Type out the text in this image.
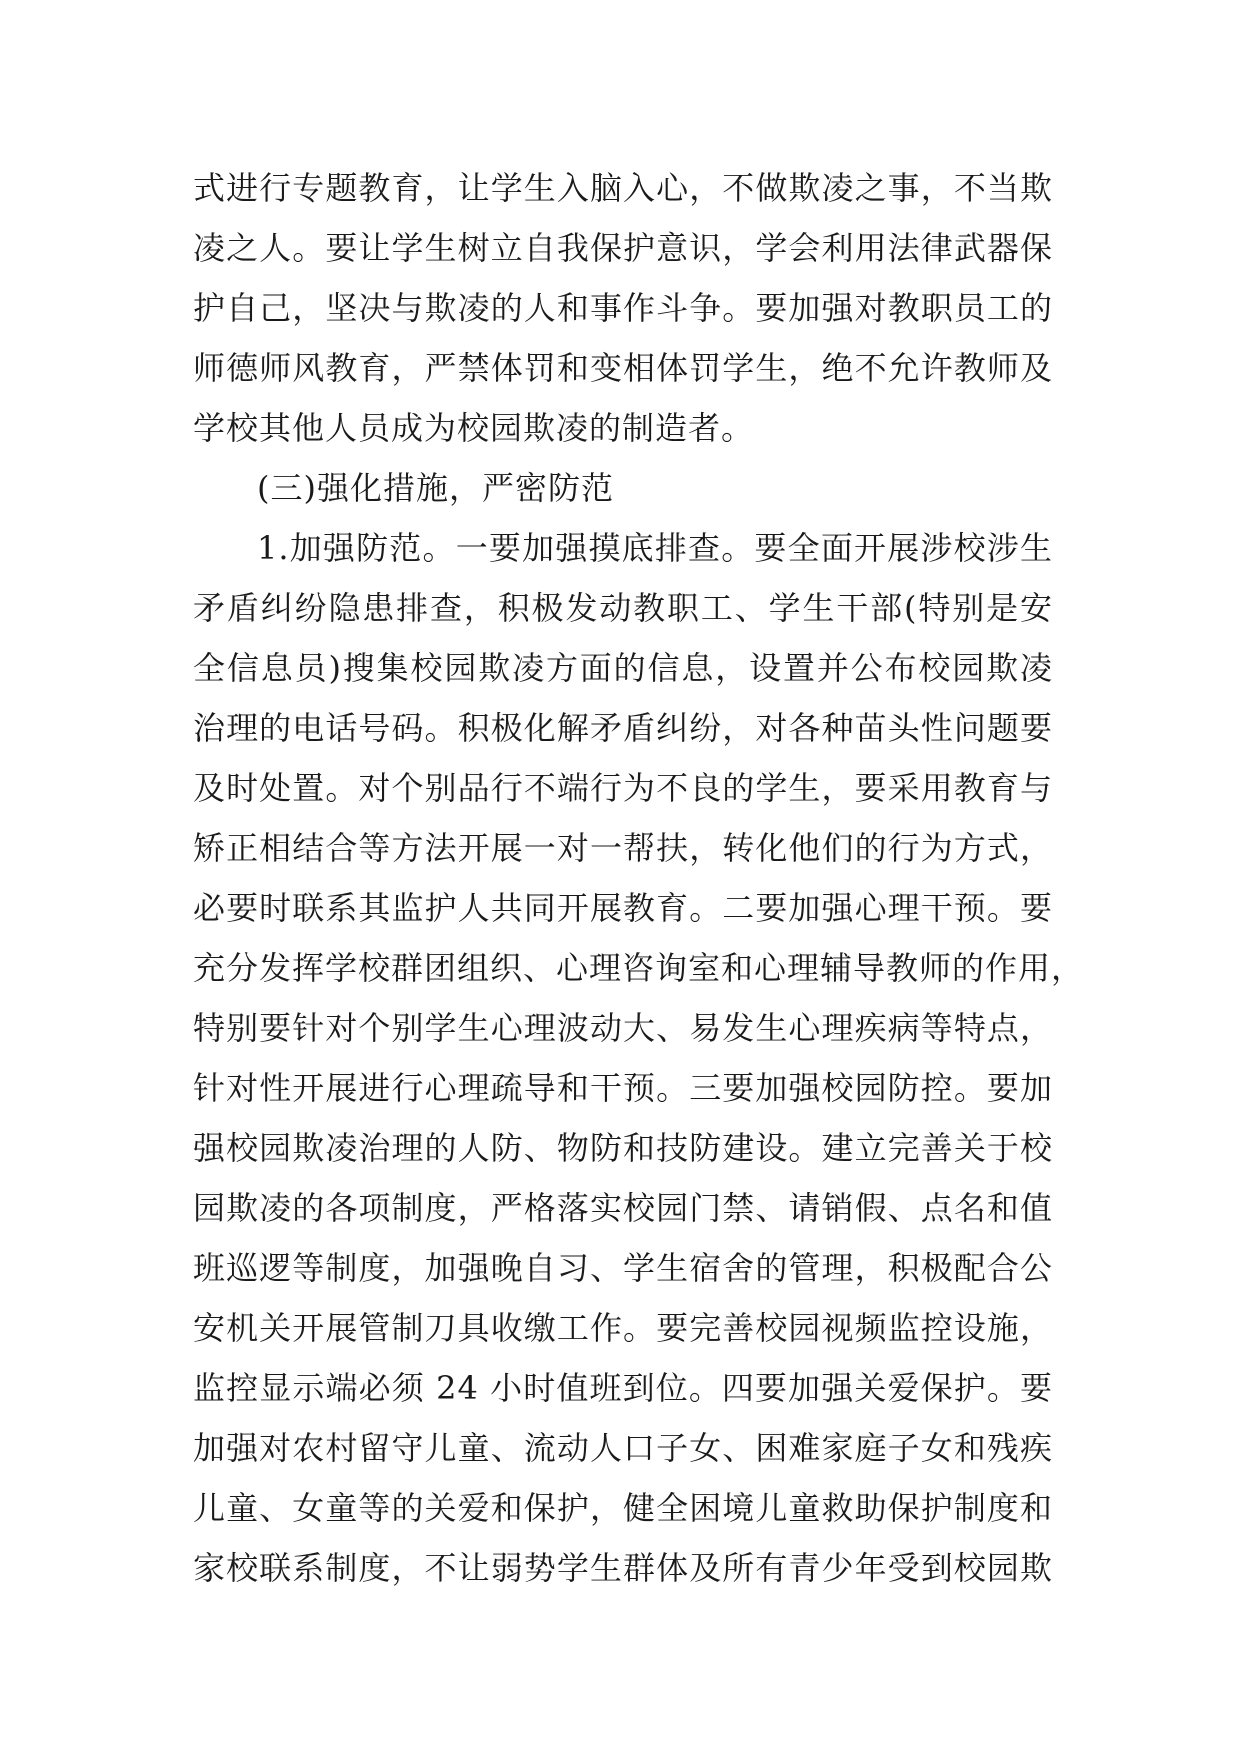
式进行专题教育，让学生入脑入心，不做欺凌之事，不当欺
凌之人。要让学生树立自我保护意识，学会利用法律武器保
护自己，坚决与欺凌的人和事作斗争。要加强对教职员工的
师德师风教育，严禁体罚和变相体罚学生，绝不允许教师及
学校其他人员成为校园欺凌的制造者。
(三)强化措施，严密防范
1.加强防范。一要加强摸底排查。要全面开展涉校涉生
矛盾纠纷隐患排查，积极发动教职工、学生干部(特别是安
全信息员)搜集校园欺凌方面的信息，设置并公布校园欺凌
治理的电话号码。积极化解矛盾纠纷，对各种苗头性问题要
及时处置。对个别品行不端行为不良的学生，要采用教育与
矫正相结合等方法开展一对一帮扶，转化他们的行为方式，
必要时联系其监护人共同开展教育。二要加强心理干预。要
充分发挥学校群团组织、心理咨询室和心理辅导教师的作用，
特别要针对个别学生心理波动大、易发生心理疾病等特点，
针对性开展进行心理疏导和干预。三要加强校园防控。要加
强校园欺凌治理的人防、物防和技防建设。建立完善关于校
园欺凌的各项制度，严格落实校园门禁、请销假、点名和值
班巡逻等制度，加强晚自习、学生宿舍的管理，积极配合公
安机关开展管制刀具收缴工作。要完善校园视频监控设施，
监控显示端必须 24 小时值班到位。四要加强关爱保护。要
加强对农村留守儿童、流动人口子女、困难家庭子女和残疾
儿童、女童等的关爱和保护，健全困境儿童救助保护制度和
家校联系制度，不让弱势学生群体及所有青少年受到校园欺
